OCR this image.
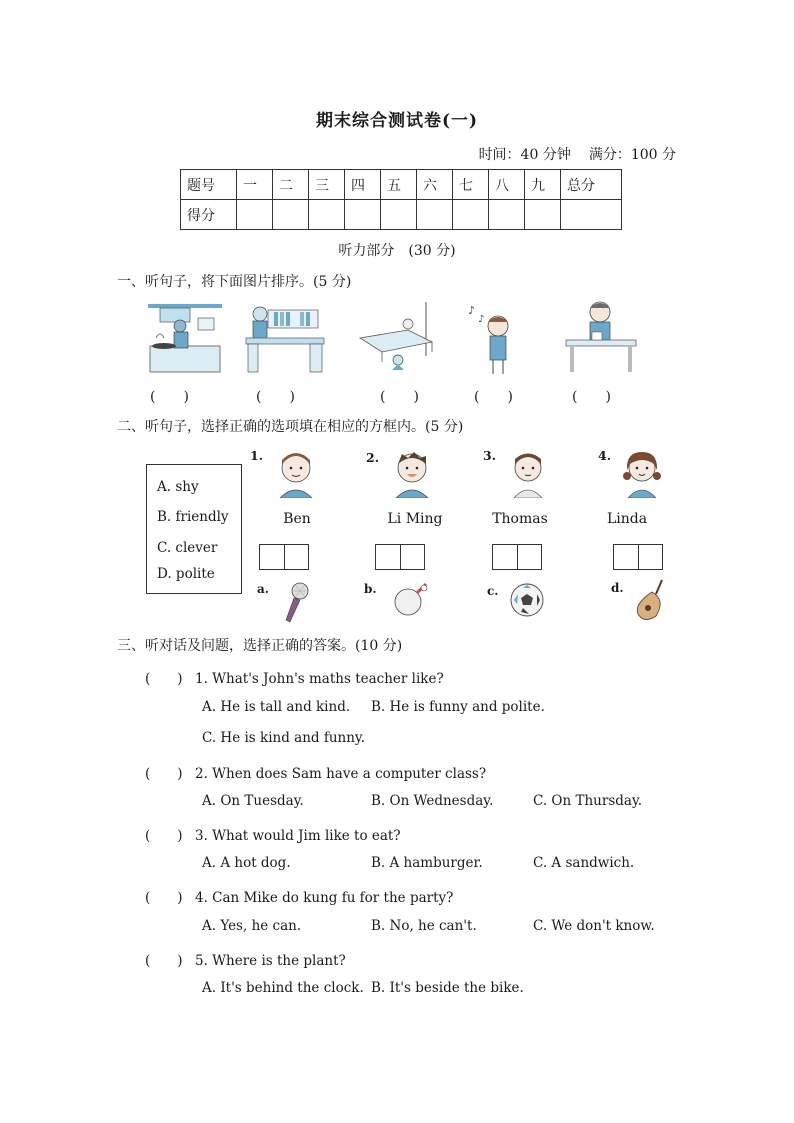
期末综合测试卷(一)
时间：40 分钟 满分：100 分
题号	一	二	三	四	五	六	七	八	九	总分
得分										
听力部分 (30 分)
一、听句子，将下面图片排序。(5 分)
♪
♪
(　　)	(　　)	(　　)	(　　)	(　　)
二、听句子，选择正确的选项填在相应的方框内。(5 分)
A. shy
B. friendly
C. clever
D. polite
1.	2.	3.	4.
Ben	Li Ming	Thomas	Linda
a.	b.	c.	d.
三、听对话及问题，选择正确的答案。(10 分)
(　　) 1. What's John's maths teacher like?
A. He is tall and kind. B. He is funny and polite.
C. He is kind and funny.
(　　) 2. When does Sam have a computer class?
A. On Tuesday.	B. On Wednesday.	C. On Thursday.
(　　) 3. What would Jim like to eat?
A. A hot dog.	B. A hamburger.	C. A sandwich.
(　　) 4. Can Mike do kung fu for the party?
A. Yes, he can.	B. No, he can't.	C. We don't know.
(　　) 5. Where is the plant?
A. It's behind the clock. B. It's beside the bike.
